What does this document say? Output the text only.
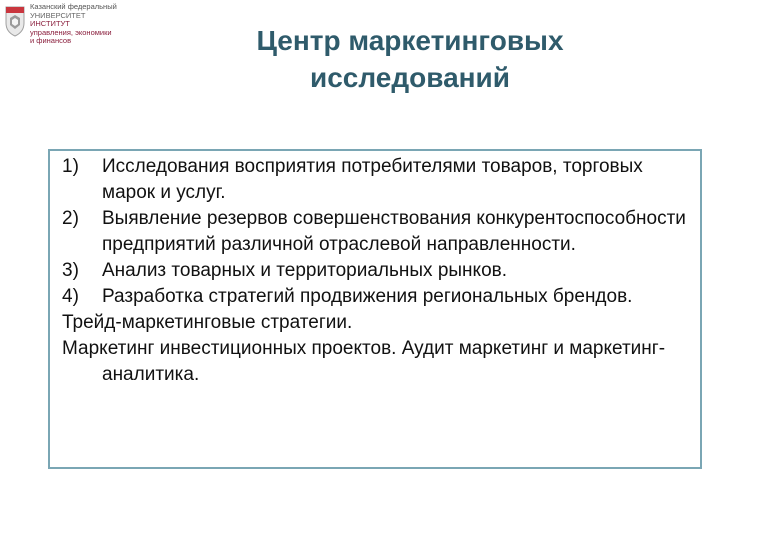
Казанский федеральный
УНИВЕРСИТЕТ
ИНСТИТУТ
управления, экономики
и финансов	Центр маркетинговых
исследований
1) Исследования восприятия потребителями товаров, торговых марок и услуг.
2) Выявление резервов совершенствования конкурентоспособности предприятий различной отраслевой направленности.
3) Анализ товарных и территориальных рынков.
4) Разработка стратегий продвижения региональных брендов.
Трейд-маркетинговые стратегии.
Маркетинг инвестиционных проектов. Аудит маркетинг и маркетинг- аналитика.
